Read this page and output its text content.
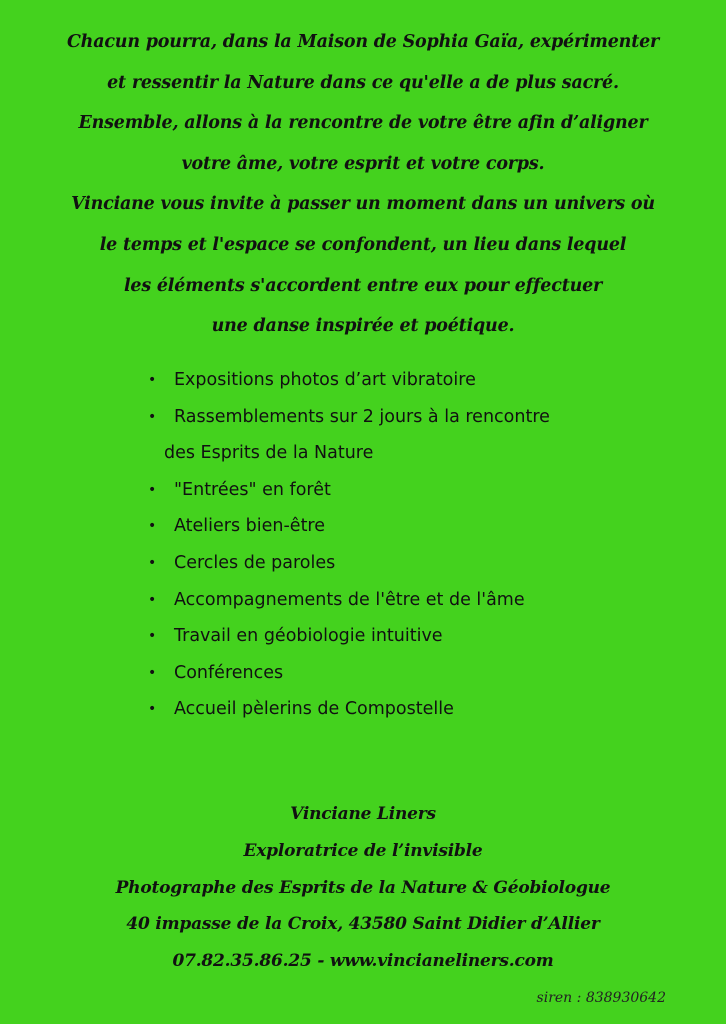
Chacun pourra, dans la Maison de Sophia Gaïa, expérimenter
et ressentir la Nature dans ce qu'elle a de plus sacré.
Ensemble, allons à la rencontre de votre être afin d’aligner
votre âme, votre esprit et votre corps.
Vinciane vous invite à passer un moment dans un univers où
le temps et l'espace se confondent, un lieu dans lequel
les éléments s'accordent entre eux pour effectuer
une danse inspirée et poétique.

• Expositions photos d’art vibratoire
• Rassemblements sur 2 jours à la rencontre
des Esprits de la Nature
• "Entrées" en forêt
• Ateliers bien-être
• Cercles de paroles
• Accompagnements de l'être et de l'âme
• Travail en géobiologie intuitive
• Conférences
• Accueil pèlerins de Compostelle
Vinciane Liners
Exploratrice de l’invisible
Photographe des Esprits de la Nature & Géobiologue
40 impasse de la Croix, 43580 Saint Didier d’Allier
07.82.35.86.25 - www.vincianeliners.com
siren : 838930642
